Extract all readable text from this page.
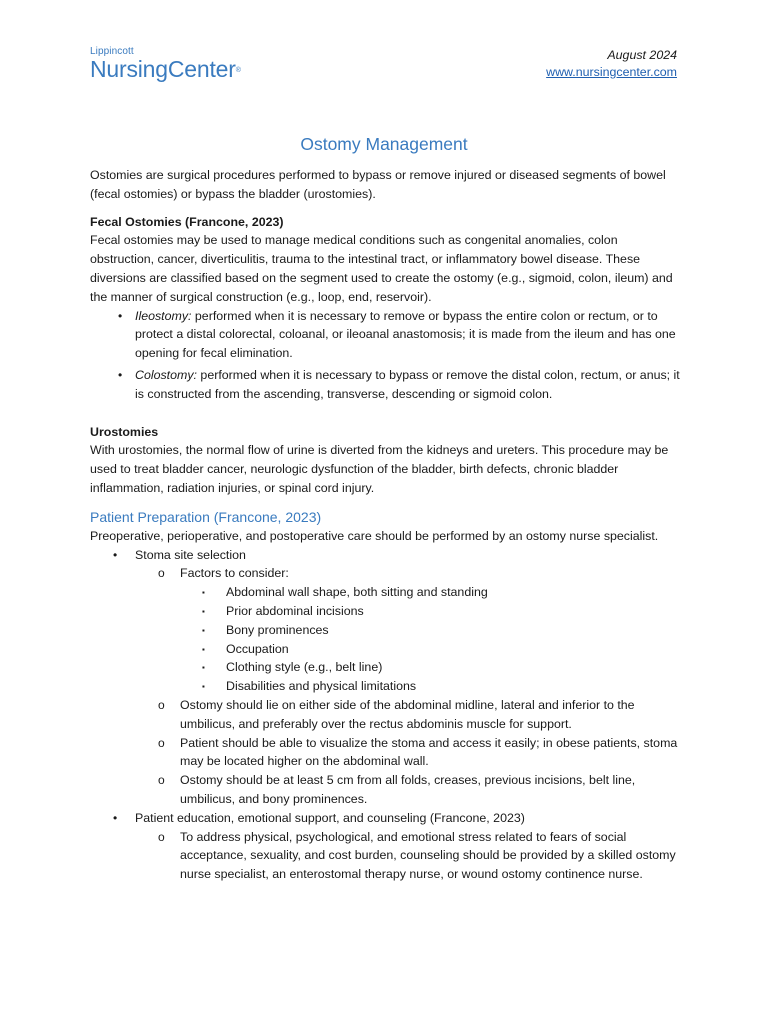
Lippincott
NursingCenter®
August 2024
www.nursingcenter.com
Ostomy Management

Ostomies are surgical procedures performed to bypass or remove injured or diseased segments of bowel (fecal ostomies) or bypass the bladder (urostomies).

Fecal Ostomies (Francone, 2023)

Fecal ostomies may be used to manage medical conditions such as congenital anomalies, colon obstruction, cancer, diverticulitis, trauma to the intestinal tract, or inflammatory bowel disease. These diversions are classified based on the segment used to create the ostomy (e.g., sigmoid, colon, ileum) and the manner of surgical construction (e.g., loop, end, reservoir).

• Ileostomy: performed when it is necessary to remove or bypass the entire colon or rectum, or to protect a distal colorectal, coloanal, or ileoanal anastomosis; it is made from the ileum and has one opening for fecal elimination.
• Colostomy: performed when it is necessary to bypass or remove the distal colon, rectum, or anus; it is constructed from the ascending, transverse, descending or sigmoid colon.

Urostomies

With urostomies, the normal flow of urine is diverted from the kidneys and ureters. This procedure may be used to treat bladder cancer, neurologic dysfunction of the bladder, birth defects, chronic bladder inflammation, radiation injuries, or spinal cord injury.

Patient Preparation (Francone, 2023)

Preoperative, perioperative, and postoperative care should be performed by an ostomy nurse specialist.

• Stoma site selection
o Factors to consider:
▪ Abdominal wall shape, both sitting and standing
▪ Prior abdominal incisions
▪ Bony prominences
▪ Occupation
▪ Clothing style (e.g., belt line)
▪ Disabilities and physical limitations
o Ostomy should lie on either side of the abdominal midline, lateral and inferior to the umbilicus, and preferably over the rectus abdominis muscle for support.
o Patient should be able to visualize the stoma and access it easily; in obese patients, stoma may be located higher on the abdominal wall.
o Ostomy should be at least 5 cm from all folds, creases, previous incisions, belt line, umbilicus, and bony prominences.
• Patient education, emotional support, and counseling (Francone, 2023)
o To address physical, psychological, and emotional stress related to fears of social acceptance, sexuality, and cost burden, counseling should be provided by a skilled ostomy nurse specialist, an enterostomal therapy nurse, or wound ostomy continence nurse.
